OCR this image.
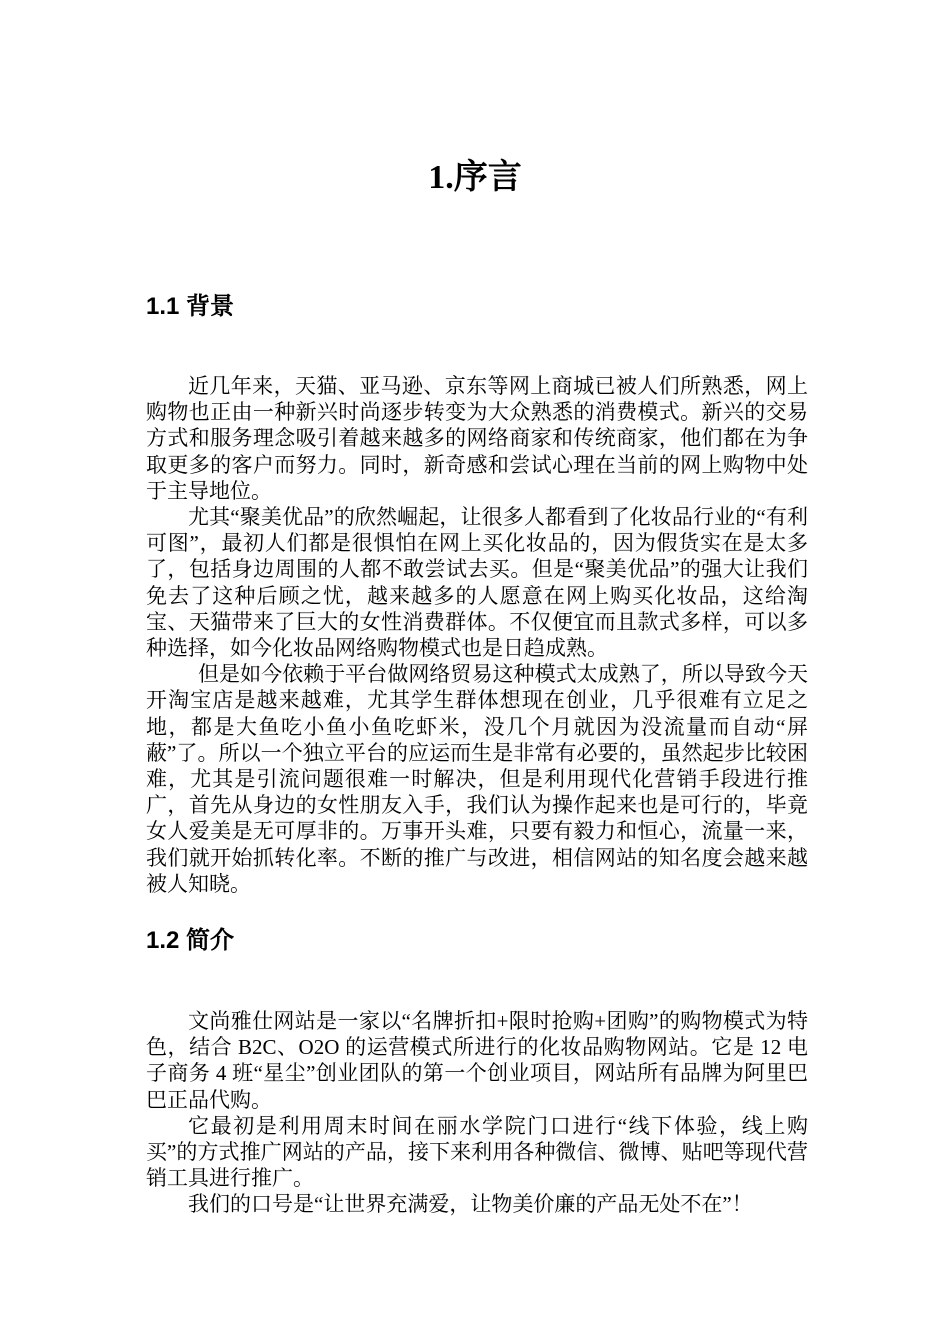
1.序言
1.1 背景

近几年来，天猫、亚马逊、京东等网上商城已被人们所熟悉，网上购物也正由一种新兴时尚逐步转变为大众熟悉的消费模式。新兴的交易方式和服务理念吸引着越来越多的网络商家和传统商家，他们都在为争取更多的客户而努力。同时，新奇感和尝试心理在当前的网上购物中处于主导地位。

尤其“聚美优品”的欣然崛起，让很多人都看到了化妆品行业的“有利可图”，最初人们都是很惧怕在网上买化妆品的，因为假货实在是太多了，包括身边周围的人都不敢尝试去买。但是“聚美优品”的强大让我们免去了这种后顾之忧，越来越多的人愿意在网上购买化妆品，这给淘宝、天猫带来了巨大的女性消费群体。不仅便宜而且款式多样，可以多种选择，如今化妆品网络购物模式也是日趋成熟。

但是如今依赖于平台做网络贸易这种模式太成熟了，所以导致今天开淘宝店是越来越难，尤其学生群体想现在创业，几乎很难有立足之地，都是大鱼吃小鱼小鱼吃虾米，没几个月就因为没流量而自动“屏蔽”了。所以一个独立平台的应运而生是非常有必要的，虽然起步比较困难，尤其是引流问题很难一时解决，但是利用现代化营销手段进行推广，首先从身边的女性朋友入手，我们认为操作起来也是可行的，毕竟女人爱美是无可厚非的。万事开头难，只要有毅力和恒心，流量一来，我们就开始抓转化率。不断的推广与改进，相信网站的知名度会越来越被人知晓。

1.2 简介

文尚雅仕网站是一家以“名牌折扣+限时抢购+团购”的购物模式为特色，结合 B2C、O2O 的运营模式所进行的化妆品购物网站。它是 12 电子商务 4 班“星尘”创业团队的第一个创业项目，网站所有品牌为阿里巴巴正品代购。

它最初是利用周末时间在丽水学院门口进行“线下体验，线上购买”的方式推广网站的产品，接下来利用各种微信、微博、贴吧等现代营销工具进行推广。

我们的口号是“让世界充满爱，让物美价廉的产品无处不在”！
